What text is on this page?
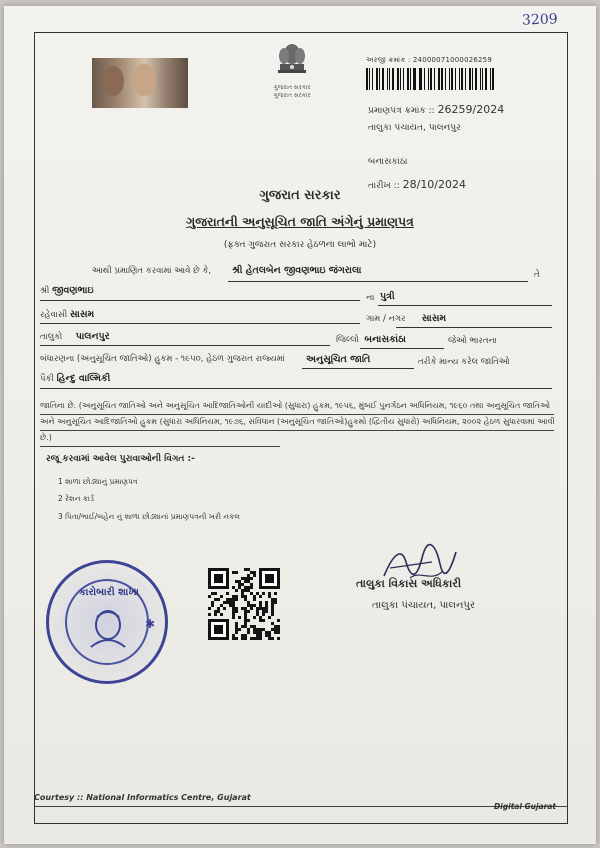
3209
ગુજરાત સરકાર
ગુજરાત સરકાર
અરજી ક્રમાંક : 24000071000026259
પ્રમાણપત્ર ક્રમાંક :: 26259/2024
તાલુકા પંચાયત, પાલનપુર
બનાસકાંઠા
તારીખ :: 28/10/2024
ગુજરાત સરકાર
ગુજરાતની અનુસૂચિત જાતિ અંગેનું પ્રમાણપત્ર
(ફક્ત ગુજરાત સરકાર હેઠળના લાભો માટે)
આથી પ્રમાણિત કરવામાં આવે છે કે, શ્રી હેતલબેન જીવણભાઇ જંગરાલા	તે
શ્રી જીવણભાઇ
ના પુત્રી
રહેવાસી સાસમ	ગામ / નગર સાસમ
તાલુકો પાલનપુર	જિલ્લો બનાસકાંઠા	જેઓ ભારતના
બંધારણના (અનુસૂચિત જાતિઓ) હુકમ - ૧૯૫૦, હેઠળ ગુજરાત રાજ્યમાં અનુસૂચિત જાતિ	તરીકે માન્ય કરેલ જાતિઓ
પૈકી હિન્દુ વાલ્મિકી
જાતિના છે. (અનુસૂચિત જાતિઓ અને અનુસૂચિત આદિજાતિઓની યાદીઓ (સુધારા) હુકમ, ૧૯૫૬, મુંબઈ પુનર્ગઠન અધિનિયમ, ૧૯૬૦ તથા અનુસૂચિત જાતિઓ અને અનુસૂચિત આદિજાતિઓ હુકમ (સુધારા અધિનિયમ, ૧૯૭૬, સંવિધાન (અનુસૂચિત જાતિઓ)હુકમો (દ્વિતીય સુધારો) અધિનિયમ, ૨૦૦૨ હેઠળ સુધારવામાં આવી છે.)
રજૂ કરવામાં આવેલ પુરાવાઓની વિગત :-
1 શાળા છોડ્યાનું પ્રમાણપત્ર
2 રેશન કાર્ડ
3 પિતા/ભાઈ/બહેન નું શાળા છોડ્યાનાં પ્રમાણપત્રની ખરી નકલ
કારોબારી શાખા
✱
તાલુકા વિકાસ અધિકારી
તાલુકા પંચાયત, પાલનપુર
Courtesy :: National Informatics Centre, Gujarat
Digital Gujarat
